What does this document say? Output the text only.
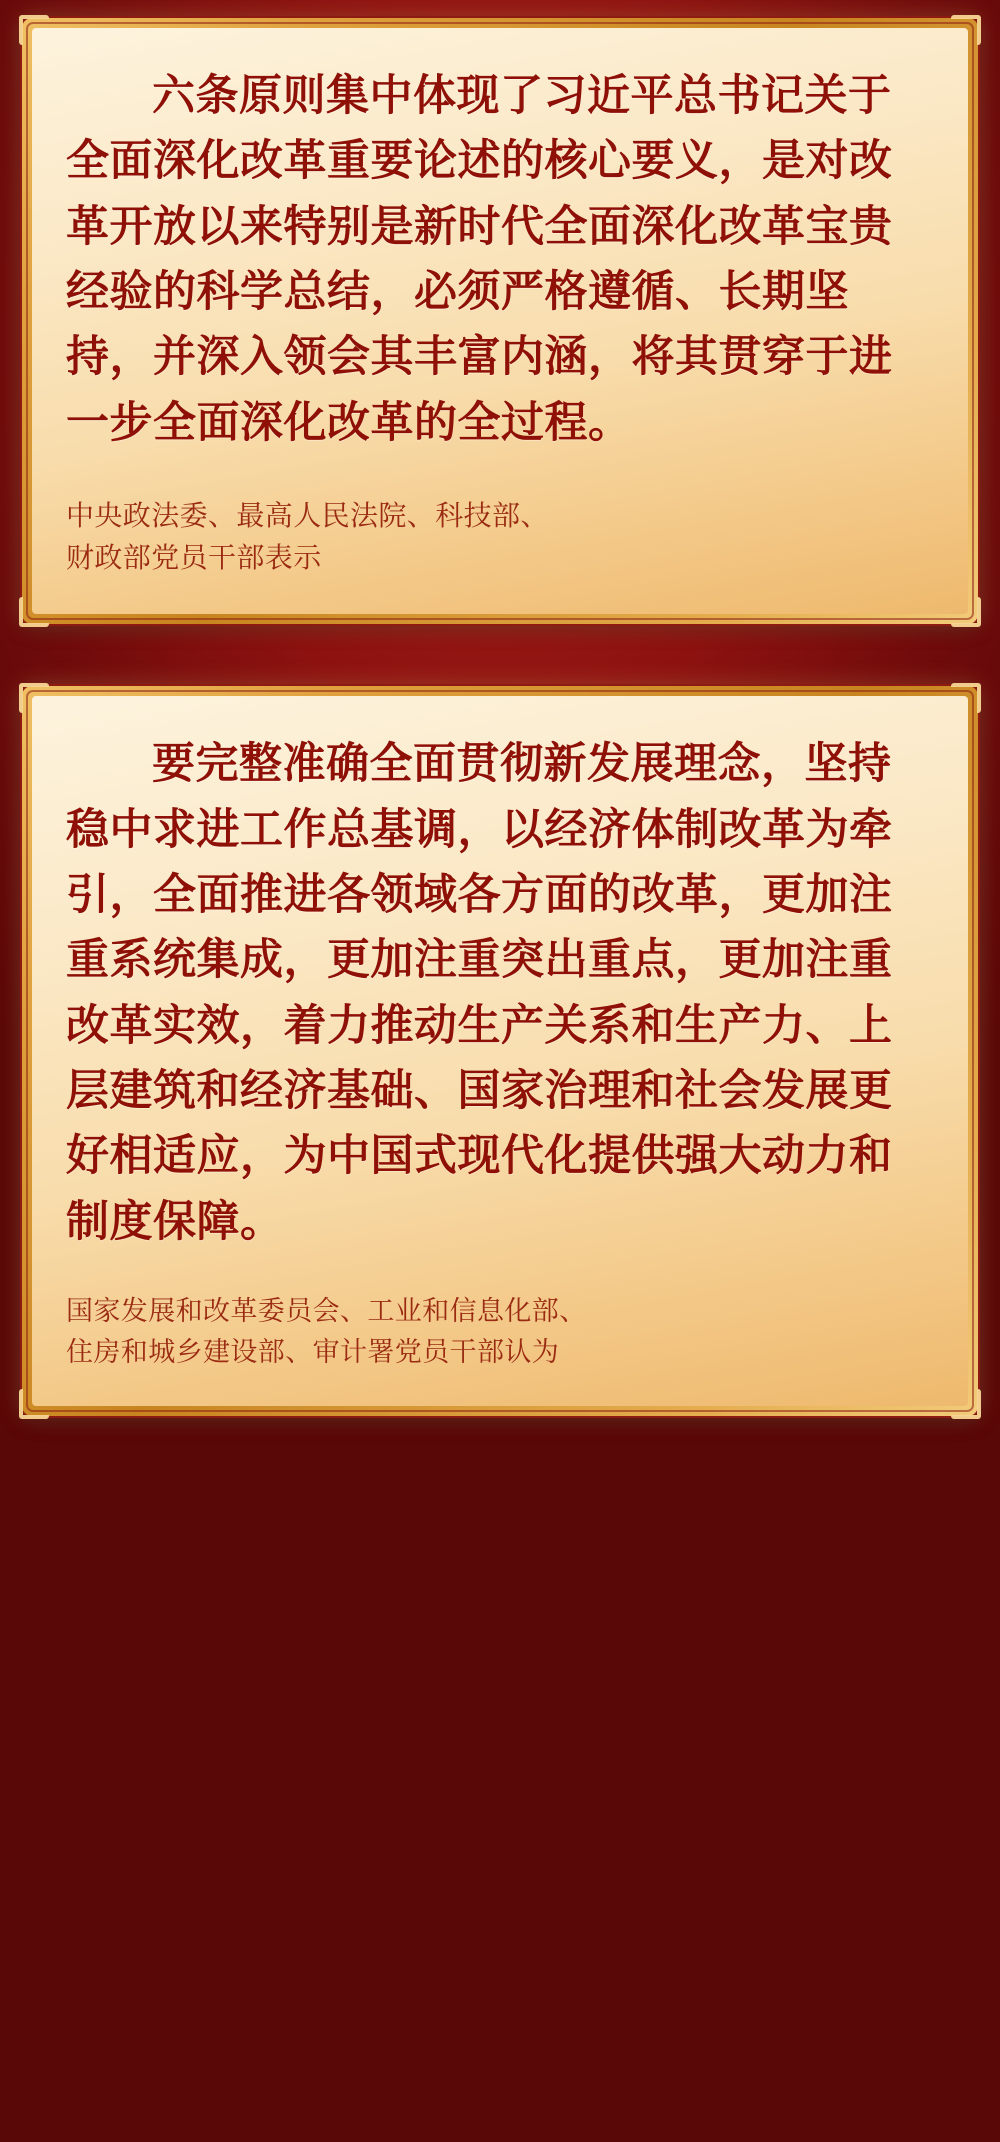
六条原则集中体现了习近平总书记关于全面深化改革重要论述的核心要义，是对改革开放以来特别是新时代全面深化改革宝贵经验的科学总结，必须严格遵循、长期坚持，并深入领会其丰富内涵，将其贯穿于进一步全面深化改革的全过程。

中央政法委、最高人民法院、科技部、
财政部党员干部表示

要完整准确全面贯彻新发展理念，坚持稳中求进工作总基调，以经济体制改革为牵引，全面推进各领域各方面的改革，更加注重系统集成，更加注重突出重点，更加注重改革实效，着力推动生产关系和生产力、上层建筑和经济基础、国家治理和社会发展更好相适应，为中国式现代化提供强大动力和制度保障。

国家发展和改革委员会、工业和信息化部、
住房和城乡建设部、审计署党员干部认为
